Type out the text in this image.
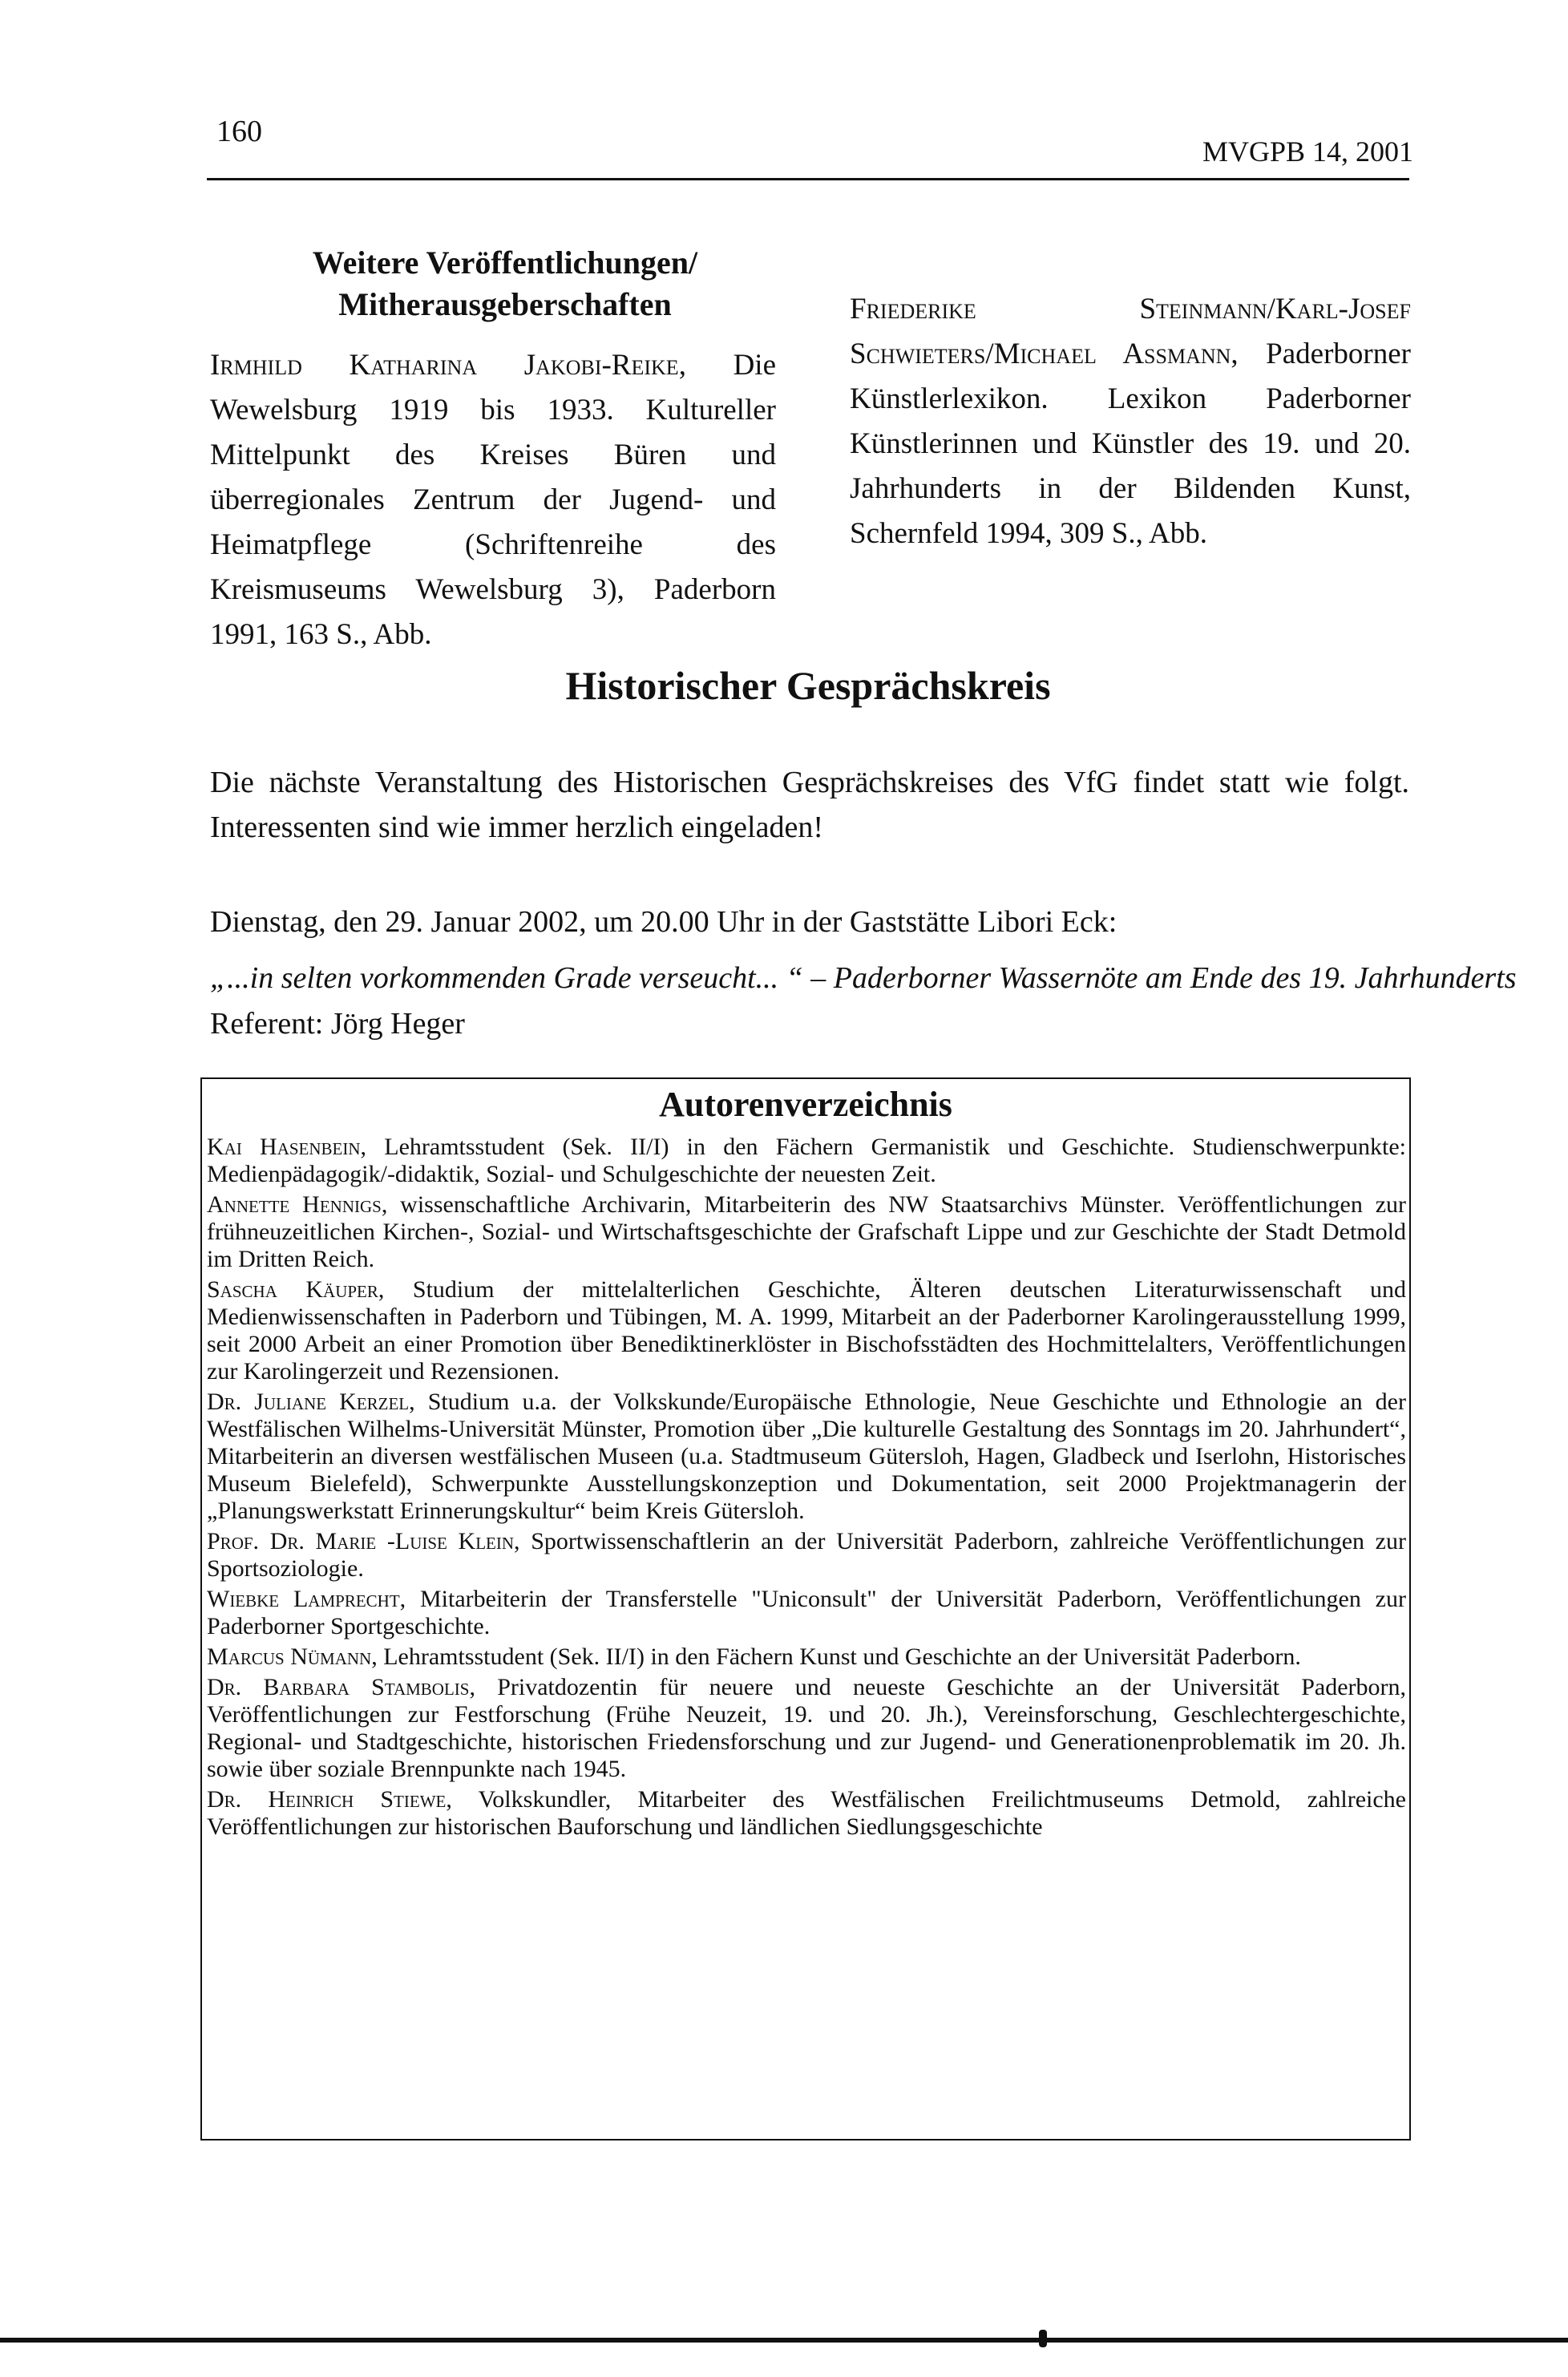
160
MVGPB 14, 2001
Weitere Veröffentlichungen/
Mitherausgeberschaften
Irmhild Katharina Jakobi-Reike, Die Wewelsburg 1919 bis 1933. Kultureller Mittelpunkt des Kreises Büren und überregionales Zentrum der Jugend- und Heimatpflege (Schriftenreihe des Kreismuseums Wewelsburg 3), Paderborn 1991, 163 S., Abb.
Friederike Steinmann/Karl-Josef Schwieters/Michael Assmann, Paderborner Künstlerlexikon. Lexikon Paderborner Künstlerinnen und Künstler des 19. und 20. Jahrhunderts in der Bildenden Kunst, Schernfeld 1994, 309 S., Abb.
Historischer Gesprächskreis
Die nächste Veranstaltung des Historischen Gesprächskreises des VfG findet statt wie folgt. Interessenten sind wie immer herzlich eingeladen!
Dienstag, den 29. Januar 2002, um 20.00 Uhr in der Gaststätte Libori Eck:
„...in selten vorkommenden Grade verseucht... “ – Paderborner Wassernöte am Ende des 19. Jahrhunderts
Referent: Jörg Heger
Autorenverzeichnis

Kai Hasenbein, Lehramtsstudent (Sek. II/I) in den Fächern Germanistik und Geschichte. Studienschwerpunkte: Medienpädagogik/-didaktik, Sozial- und Schulgeschichte der neuesten Zeit.

Annette Hennigs, wissenschaftliche Archivarin, Mitarbeiterin des NW Staatsarchivs Münster. Veröffentlichungen zur frühneuzeitlichen Kirchen-, Sozial- und Wirtschaftsgeschichte der Grafschaft Lippe und zur Geschichte der Stadt Detmold im Dritten Reich.

Sascha Käuper, Studium der mittelalterlichen Geschichte, Älteren deutschen Literaturwissenschaft und Medienwissenschaften in Paderborn und Tübingen, M. A. 1999, Mitarbeit an der Paderborner Karolingerausstellung 1999, seit 2000 Arbeit an einer Promotion über Benediktinerklöster in Bischofsstädten des Hochmittelalters, Veröffentlichungen zur Karolingerzeit und Rezensionen.

Dr. Juliane Kerzel, Studium u.a. der Volkskunde/Europäische Ethnologie, Neue Geschichte und Ethnologie an der Westfälischen Wilhelms-Universität Münster, Promotion über „Die kulturelle Gestaltung des Sonntags im 20. Jahrhundert“, Mitarbeiterin an diversen westfälischen Museen (u.a. Stadtmuseum Gütersloh, Hagen, Gladbeck und Iserlohn, Historisches Museum Bielefeld), Schwerpunkte Ausstellungskonzeption und Dokumentation, seit 2000 Projektmanagerin der „Planungswerkstatt Erinnerungskultur“ beim Kreis Gütersloh.

Prof. Dr. Marie -Luise Klein, Sportwissenschaftlerin an der Universität Paderborn, zahlreiche Veröffentlichungen zur Sportsoziologie.

Wiebke Lamprecht, Mitarbeiterin der Transferstelle "Uniconsult" der Universität Paderborn, Veröffentlichungen zur Paderborner Sportgeschichte.

Marcus Nümann, Lehramtsstudent (Sek. II/I) in den Fächern Kunst und Geschichte an der Universität Paderborn.

Dr. Barbara Stambolis, Privatdozentin für neuere und neueste Geschichte an der Universität Paderborn, Veröffentlichungen zur Festforschung (Frühe Neuzeit, 19. und 20. Jh.), Vereinsforschung, Geschlechtergeschichte, Regional- und Stadtgeschichte, historischen Friedensforschung und zur Jugend- und Generationenproblematik im 20. Jh. sowie über soziale Brennpunkte nach 1945.

Dr. Heinrich Stiewe, Volkskundler, Mitarbeiter des Westfälischen Freilichtmuseums Detmold, zahlreiche Veröffentlichungen zur historischen Bauforschung und ländlichen Siedlungsgeschichte
